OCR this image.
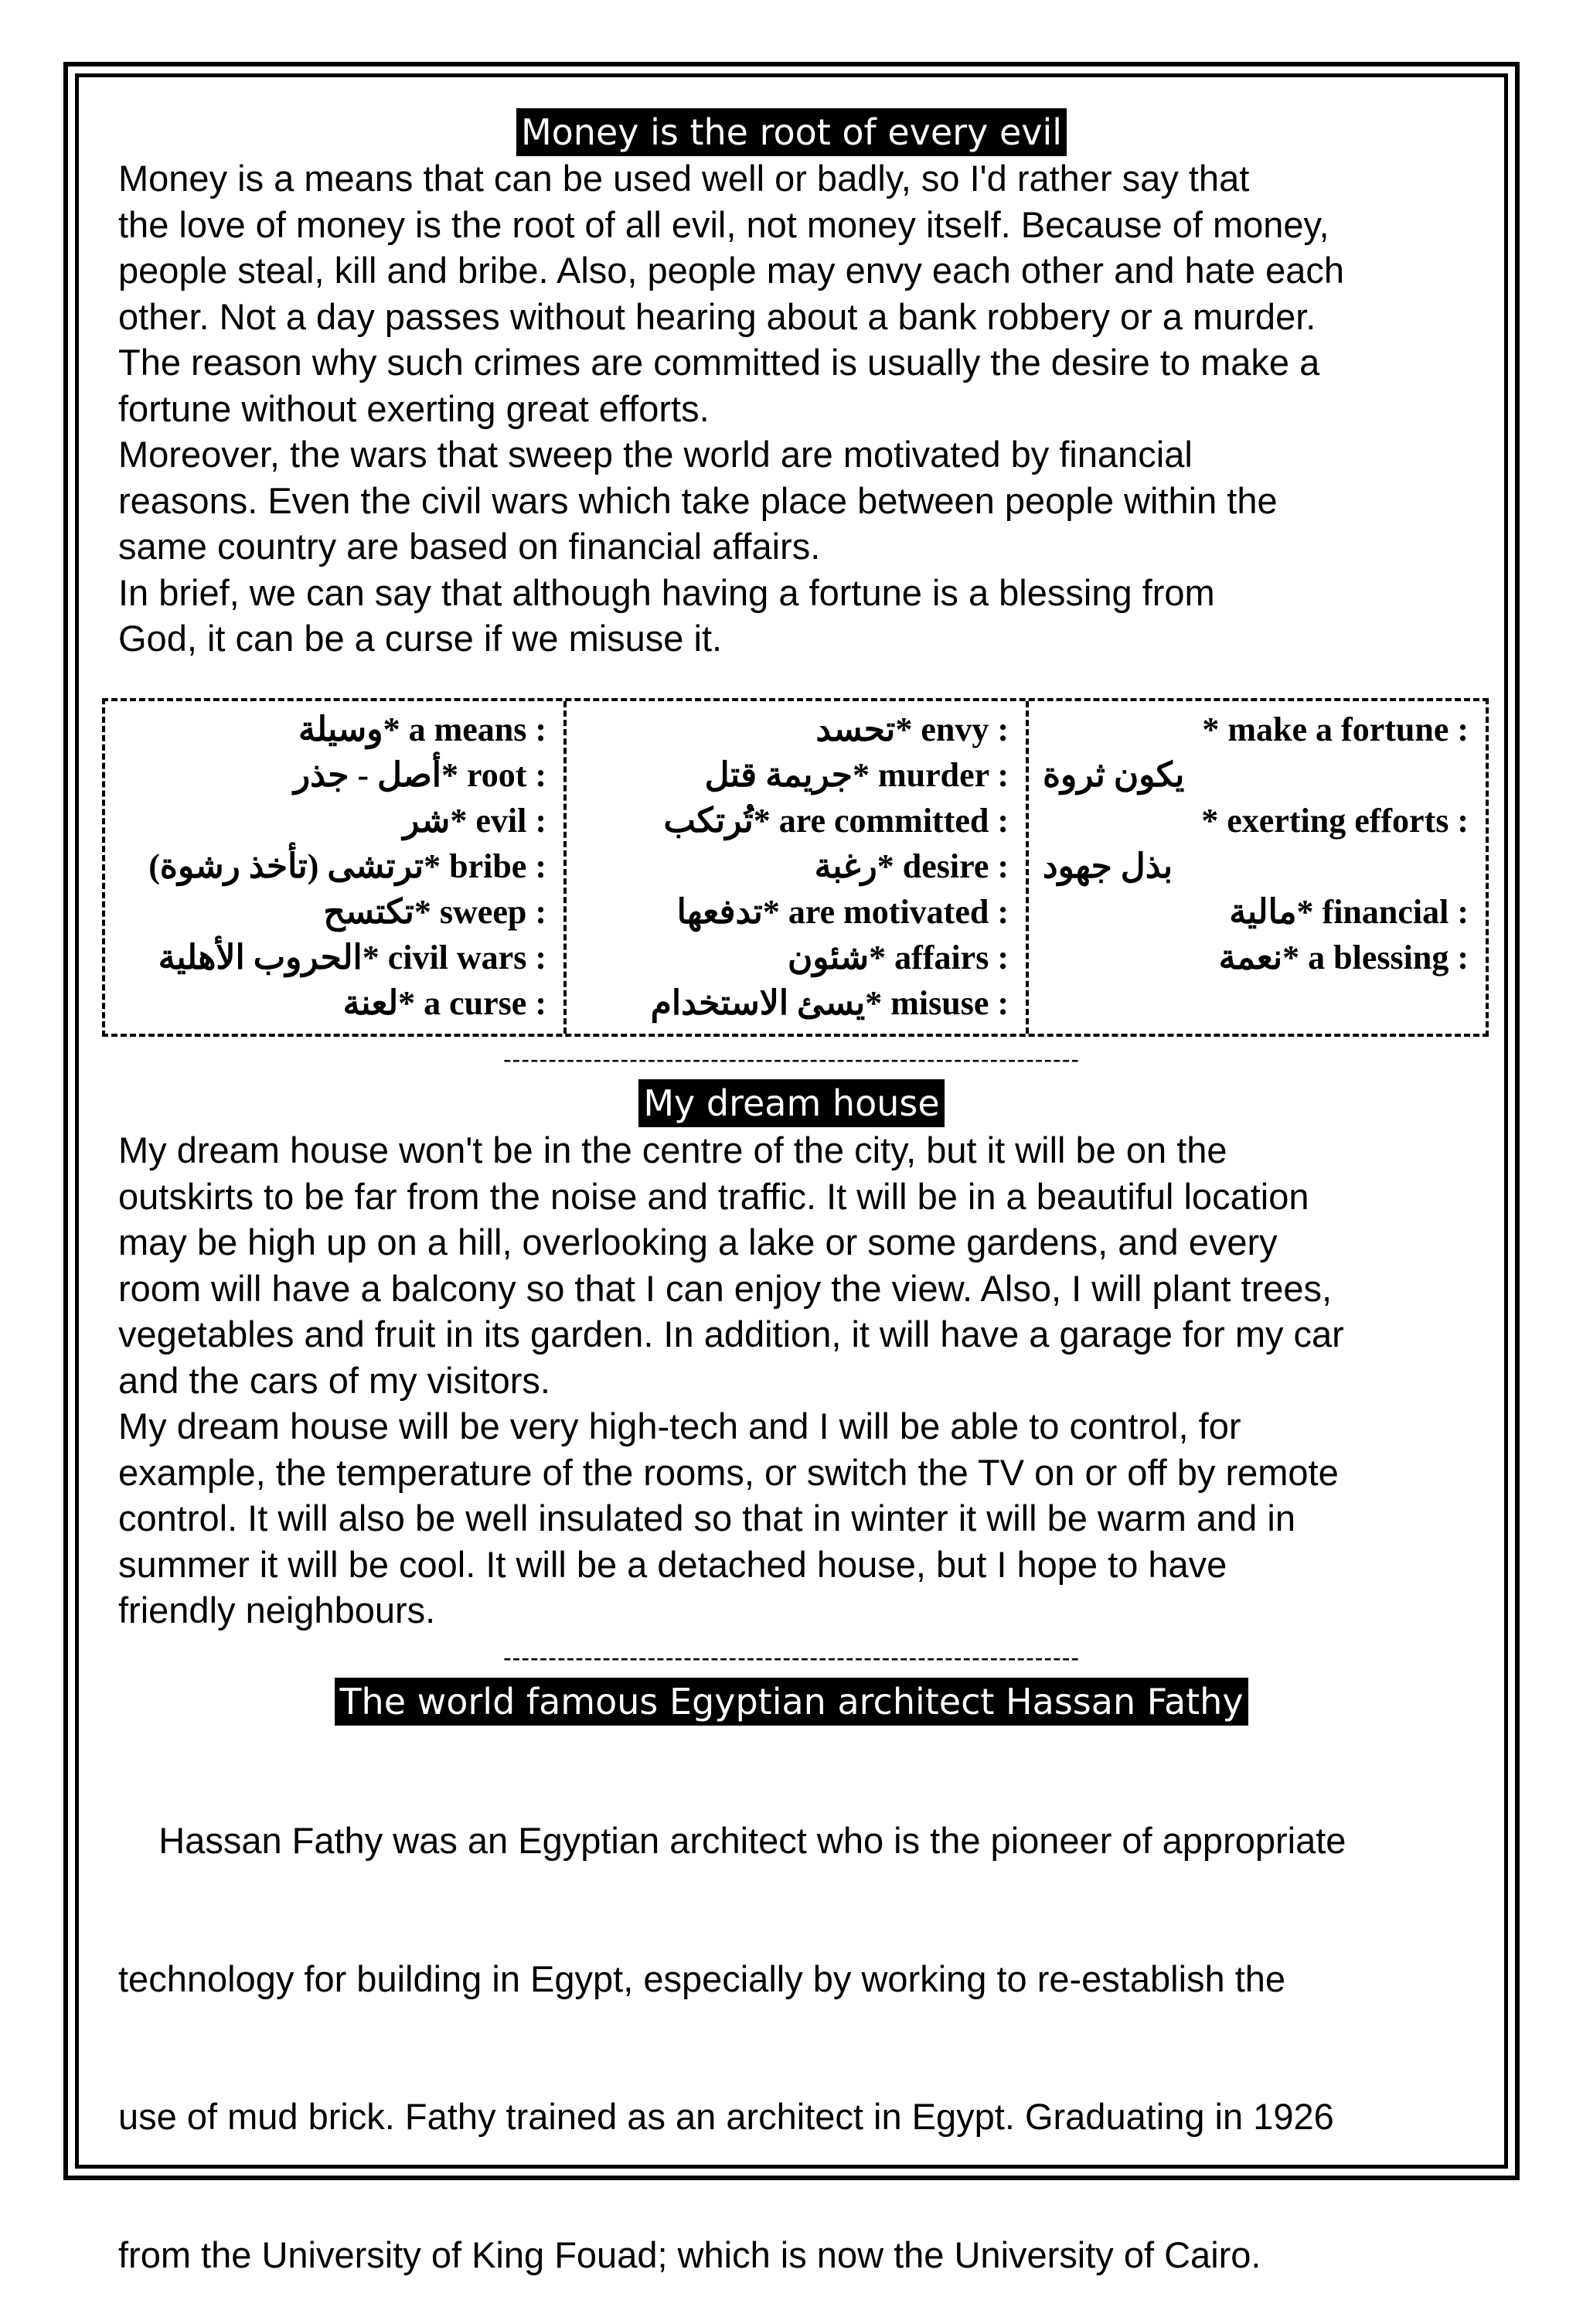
Money is the root of every evil

Money is a means that can be used well or badly, so I'd rather say that

the love of money is the root of all evil, not money itself. Because of money,

people steal, kill and bribe. Also, people may envy each other and hate each

other. Not a day passes without hearing about a bank robbery or a murder.

The reason why such crimes are committed is usually the desire to make a

fortune without exerting great efforts.

Moreover, the wars that sweep the world are motivated by financial

reasons. Even the civil wars which take place between people within the

same country are based on financial affairs.

In brief, we can say that although having a fortune is a blessing from

God, it can be a curse if we misuse it.

وسيلة* a means :
أصل - جذر* root :
شر* evil :
(ترتشى (تأخذ رشوة* bribe :
تكتسح* sweep :
الحروب الأهلية* civil wars :
لعنة* a curse :
تحسد* envy :
جريمة قتل* murder :
تُرتكب* are committed :
رغبة* desire :
تدفعها* are motivated :
شئون* affairs :
يسئ الاستخدام* misuse :
* make a fortune :
يكون ثروة
* exerting efforts :
بذل جهود
مالية* financial :
نعمة* a blessing :
----------------------------------------------------------------
My dream house

My dream house won't be in the centre of the city, but it will be on the

outskirts to be far from the noise and traffic. It will be in a beautiful location

may be high up on a hill, overlooking a lake or some gardens, and every

room will have a balcony so that I can enjoy the view. Also, I will plant trees,

vegetables and fruit in its garden. In addition, it will have a garage for my car

and the cars of my visitors.

My dream house will be very high-tech and I will be able to control, for

example, the temperature of the rooms, or switch the TV on or off by remote

control. It will also be well insulated so that in winter it will be warm and in

summer it will be cool. It will be a detached house, but I hope to have

friendly neighbours.

----------------------------------------------------------------
The world famous Egyptian architect Hassan Fathy

Hassan Fathy was an Egyptian architect who is the pioneer of appropriate

technology for building in Egypt, especially by working to re-establish the

use of mud brick. Fathy trained as an architect in Egypt. Graduating in 1926

from the University of King Fouad; which is now the University of Cairo.
